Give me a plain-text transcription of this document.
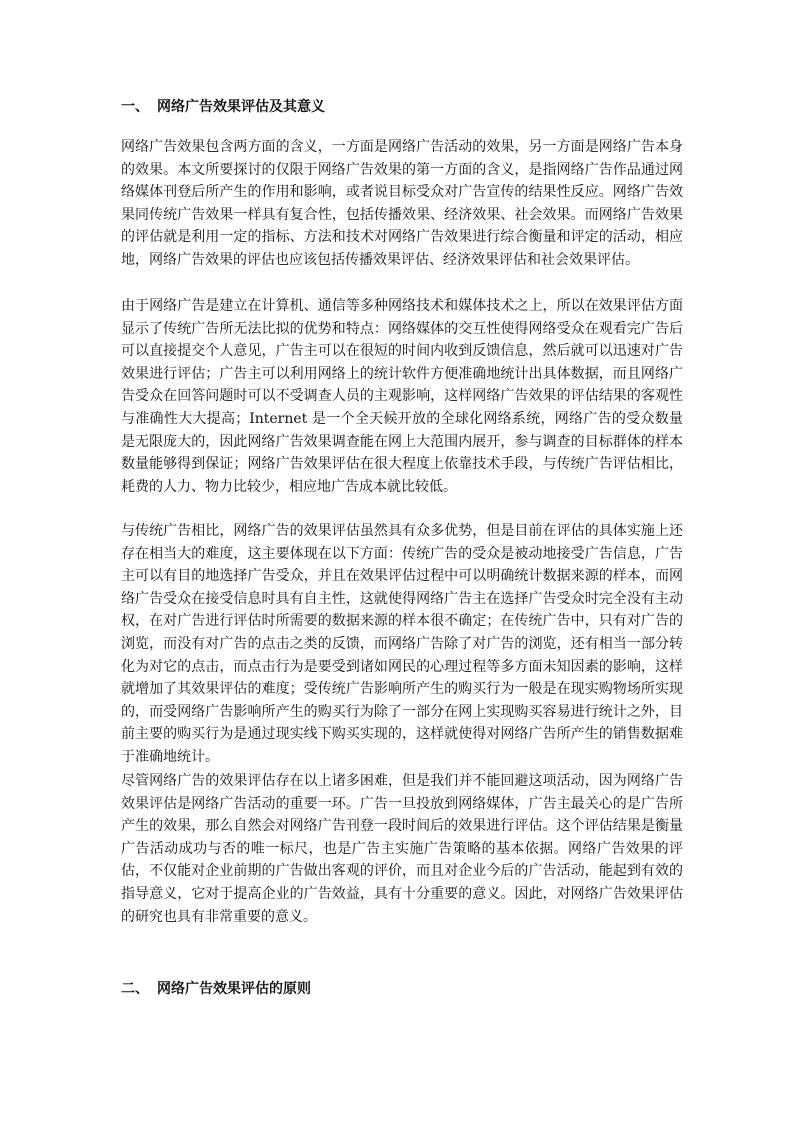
一、 网络广告效果评估及其意义

网络广告效果包含两方面的含义，一方面是网络广告活动的效果，另一方面是网络广告本身的效果。本文所要探讨的仅限于网络广告效果的第一方面的含义，是指网络广告作品通过网络媒体刊登后所产生的作用和影响，或者说目标受众对广告宣传的结果性反应。网络广告效果同传统广告效果一样具有复合性，包括传播效果、经济效果、社会效果。而网络广告效果的评估就是利用一定的指标、方法和技术对网络广告效果进行综合衡量和评定的活动，相应地，网络广告效果的评估也应该包括传播效果评估、经济效果评估和社会效果评估。

由于网络广告是建立在计算机、通信等多种网络技术和媒体技术之上，所以在效果评估方面显示了传统广告所无法比拟的优势和特点：网络媒体的交互性使得网络受众在观看完广告后可以直接提交个人意见，广告主可以在很短的时间内收到反馈信息，然后就可以迅速对广告效果进行评估；广告主可以利用网络上的统计软件方便准确地统计出具体数据，而且网络广告受众在回答问题时可以不受调查人员的主观影响，这样网络广告效果的评估结果的客观性与准确性大大提高；Internet 是一个全天候开放的全球化网络系统，网络广告的受众数量是无限庞大的，因此网络广告效果调查能在网上大范围内展开，参与调查的目标群体的样本数量能够得到保证；网络广告效果评估在很大程度上依靠技术手段，与传统广告评估相比，耗费的人力、物力比较少，相应地广告成本就比较低。

与传统广告相比，网络广告的效果评估虽然具有众多优势，但是目前在评估的具体实施上还存在相当大的难度，这主要体现在以下方面：传统广告的受众是被动地接受广告信息，广告主可以有目的地选择广告受众，并且在效果评估过程中可以明确统计数据来源的样本，而网络广告受众在接受信息时具有自主性，这就使得网络广告主在选择广告受众时完全没有主动权，在对广告进行评估时所需要的数据来源的样本很不确定；在传统广告中，只有对广告的浏览，而没有对广告的点击之类的反馈，而网络广告除了对广告的浏览，还有相当一部分转化为对它的点击，而点击行为是要受到诸如网民的心理过程等多方面未知因素的影响，这样就增加了其效果评估的难度；受传统广告影响所产生的购买行为一般是在现实购物场所实现的，而受网络广告影响所产生的购买行为除了一部分在网上实现购买容易进行统计之外，目前主要的购买行为是通过现实线下购买实现的，这样就使得对网络广告所产生的销售数据难于准确地统计。

尽管网络广告的效果评估存在以上诸多困难，但是我们并不能回避这项活动，因为网络广告效果评估是网络广告活动的重要一环。广告一旦投放到网络媒体，广告主最关心的是广告所产生的效果，那么自然会对网络广告刊登一段时间后的效果进行评估。这个评估结果是衡量广告活动成功与否的唯一标尺，也是广告主实施广告策略的基本依据。网络广告效果的评估，不仅能对企业前期的广告做出客观的评价，而且对企业今后的广告活动，能起到有效的指导意义，它对于提高企业的广告效益，具有十分重要的意义。因此，对网络广告效果评估的研究也具有非常重要的意义。

二、 网络广告效果评估的原则
